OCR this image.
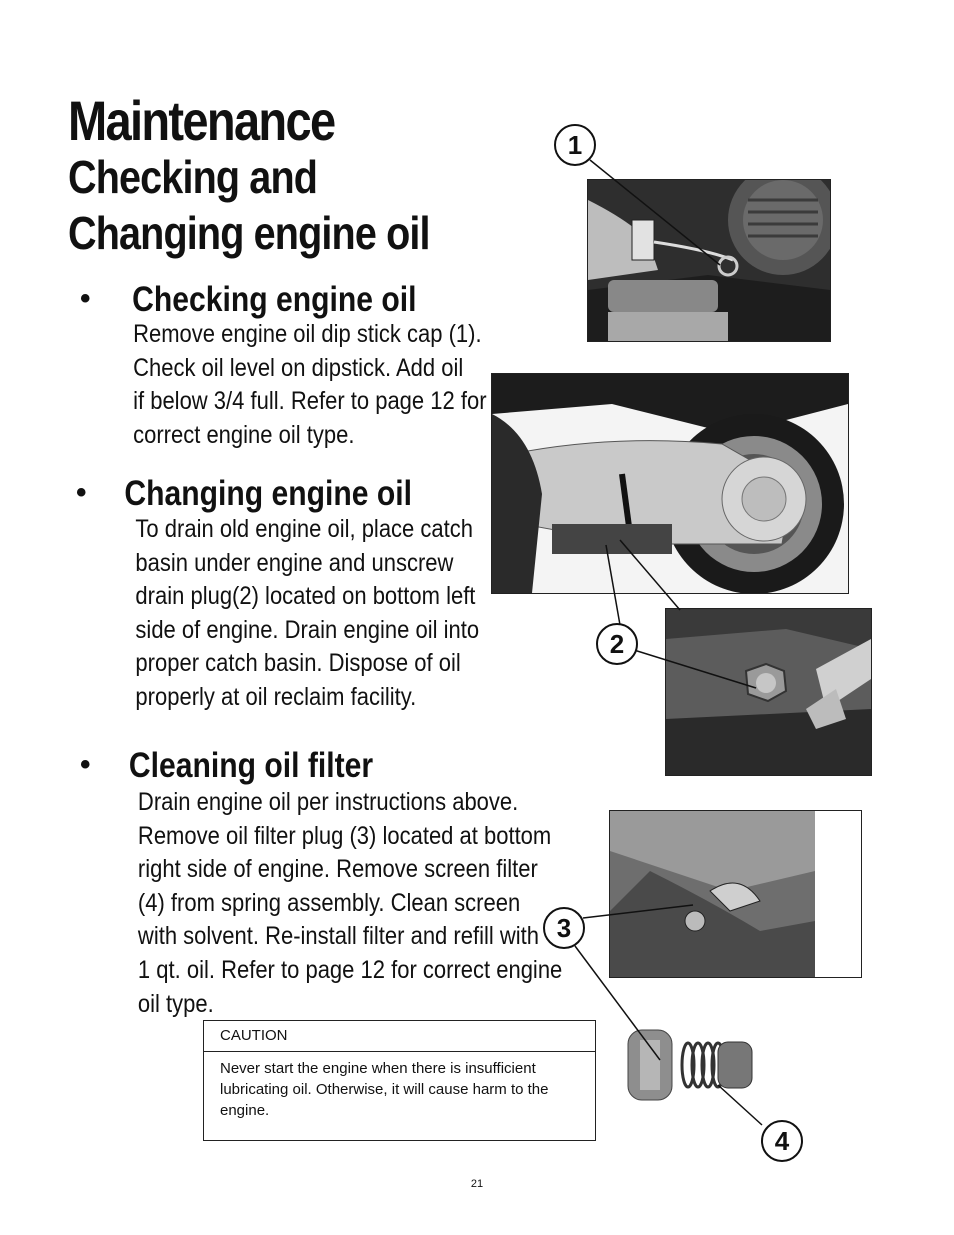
Maintenance
Checking and
Changing engine oil
• Checking engine oil
Remove engine oil dip stick cap (1).
Check oil level on dipstick. Add oil
if below 3/4 full. Refer to page 12 for
correct engine oil type.
• Changing engine oil
To drain old engine oil, place catch
basin under engine and unscrew
drain plug(2) located on bottom left
side of engine. Drain engine oil into
proper catch basin. Dispose of oil
properly at oil reclaim facility.
• Cleaning oil filter
Drain engine oil per instructions above.
Remove oil filter plug (3) located at bottom
right side of engine. Remove screen filter
(4) from spring assembly. Clean screen
with solvent. Re-install filter and refill with
1 qt. oil. Refer to page 12 for correct engine
oil type.
1
2
3
4
CAUTION
Never start the engine when there is insufficient lubricating oil. Otherwise, it will cause harm to the engine.
21
